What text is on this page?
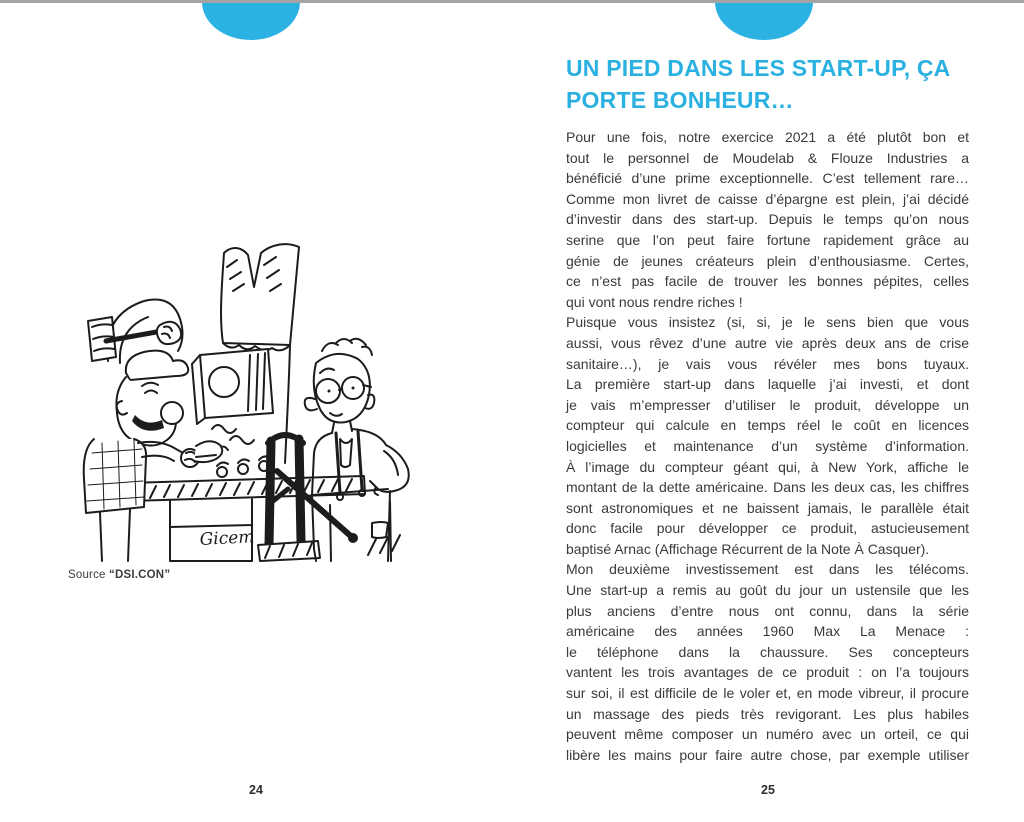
Gicem
Source “DSI.CON”
24
UN PIED DANS LES START-UP, ÇA
PORTE BONHEUR…
Pour une fois, notre exercice 2021 a été plutôt bon et
tout le personnel de Moudelab & Flouze Industries a
bénéficié d’une prime exceptionnelle. C’est tellement rare…
Comme mon livret de caisse d’épargne est plein, j’ai décidé
d’investir dans des start-up. Depuis le temps qu’on nous
serine que l’on peut faire fortune rapidement grâce au
génie de jeunes créateurs plein d’enthousiasme. Certes,
ce n’est pas facile de trouver les bonnes pépites, celles
qui vont nous rendre riches !
Puisque vous insistez (si, si, je le sens bien que vous
aussi, vous rêvez d’une autre vie après deux ans de crise
sanitaire…), je vais vous révéler mes bons tuyaux.
La première start-up dans laquelle j’ai investi, et dont
je vais m’empresser d’utiliser le produit, développe un
compteur qui calcule en temps réel le coût en licences
logicielles et maintenance d’un système d’information.
À l’image du compteur géant qui, à New York, affiche le
montant de la dette américaine. Dans les deux cas, les chiffres
sont astronomiques et ne baissent jamais, le parallèle était
donc facile pour développer ce produit, astucieusement
baptisé Arnac (Affichage Récurrent de la Note À Casquer).
Mon deuxième investissement est dans les télécoms.
Une start-up a remis au goût du jour un ustensile que les
plus anciens d’entre nous ont connu, dans la série
américaine des années 1960 Max La Menace :
le téléphone dans la chaussure. Ses concepteurs
vantent les trois avantages de ce produit : on l’a toujours
sur soi, il est difficile de le voler et, en mode vibreur, il procure
un massage des pieds très revigorant. Les plus habiles
peuvent même composer un numéro avec un orteil, ce qui
libère les mains pour faire autre chose, par exemple utiliser
25
